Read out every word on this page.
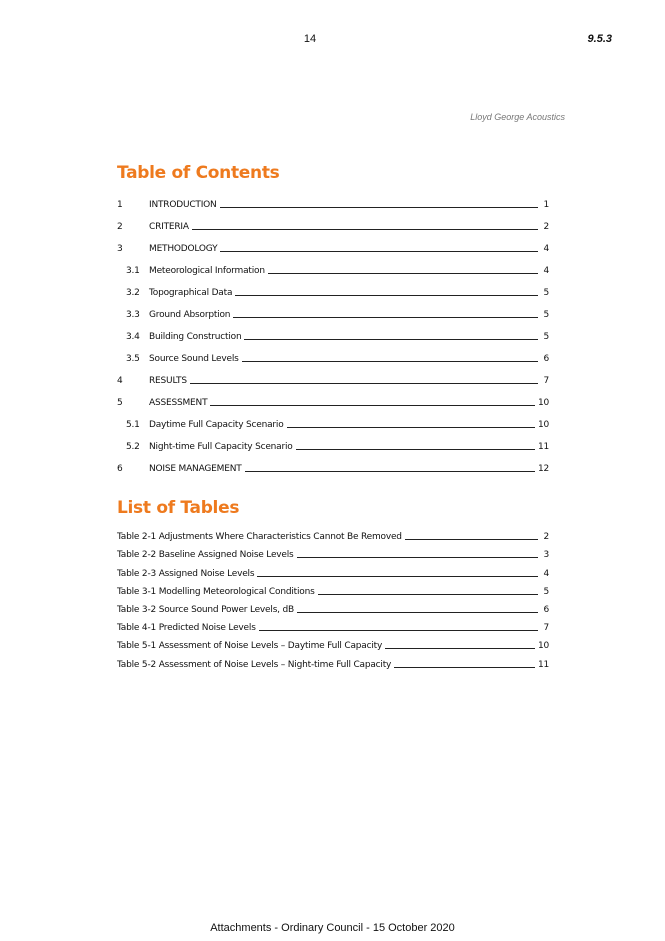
14	9.5.3
Lloyd George Acoustics
Table of Contents
1	INTRODUCTION	1
2	CRITERIA	2
3	METHODOLOGY	4
3.1	Meteorological Information	4
3.2	Topographical Data	5
3.3	Ground Absorption	5
3.4	Building Construction	5
3.5	Source Sound Levels	6
4	RESULTS	7
5	ASSESSMENT	10
5.1	Daytime Full Capacity Scenario	10
5.2	Night-time Full Capacity Scenario	11
6	NOISE MANAGEMENT	12
List of Tables
Table 2-1 Adjustments Where Characteristics Cannot Be Removed	2
Table 2-2 Baseline Assigned Noise Levels	3
Table 2-3 Assigned Noise Levels	4
Table 3-1 Modelling Meteorological Conditions	5
Table 3-2 Source Sound Power Levels, dB	6
Table 4-1 Predicted Noise Levels	7
Table 5-1 Assessment of Noise Levels – Daytime Full Capacity	10
Table 5-2 Assessment of Noise Levels – Night-time Full Capacity	11
Attachments - Ordinary Council - 15 October 2020
